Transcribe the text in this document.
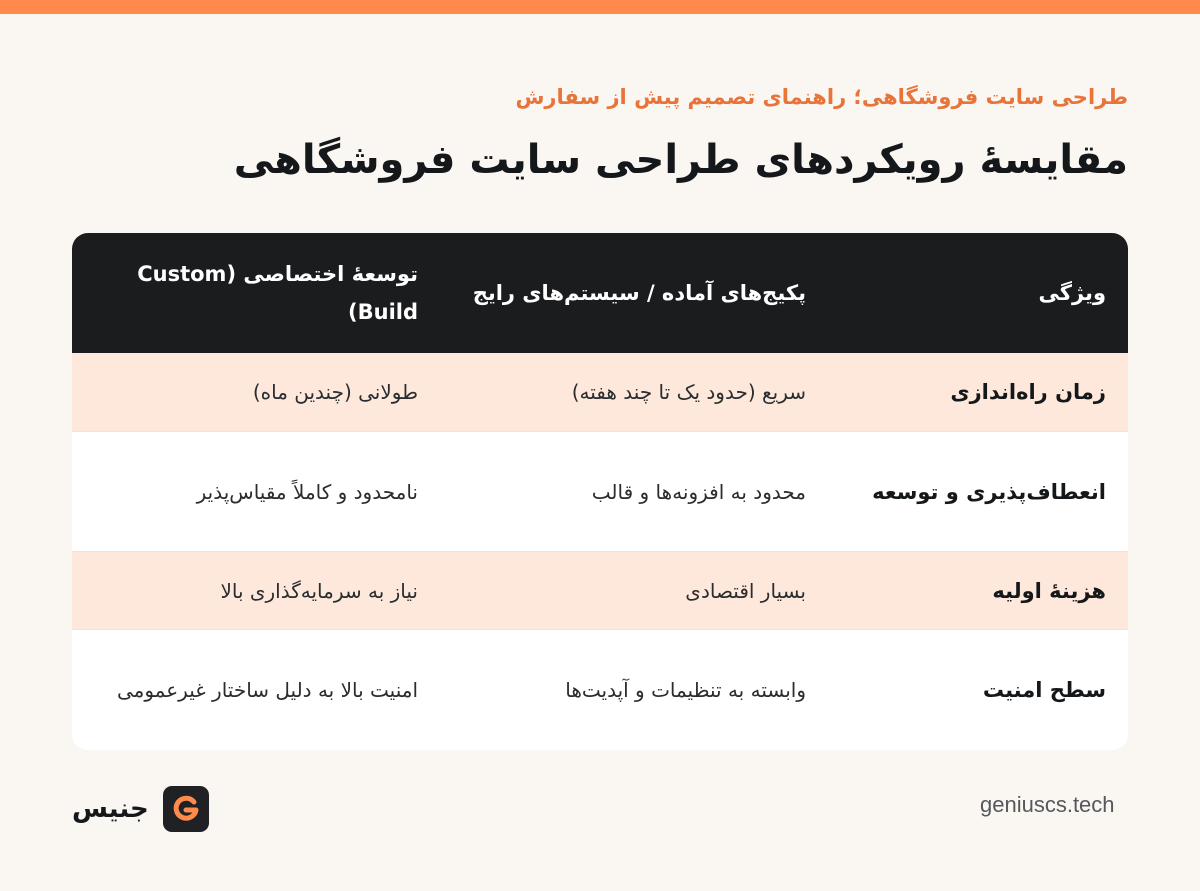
طراحی سایت فروشگاهی؛ راهنمای تصمیم پیش از سفارش
مقایسهٔ رویکردهای طراحی سایت فروشگاهی
ویژگی
پکیج‌های آماده / سیستم‌های رایج
توسعهٔ اختصاصی (Custom Build)
زمان راه‌اندازی
سریع (حدود یک تا چند هفته)
طولانی (چندین ماه)
انعطاف‌پذیری و توسعه
محدود به افزونه‌ها و قالب
نامحدود و کاملاً مقیاس‌پذیر
هزینهٔ اولیه
بسیار اقتصادی
نیاز به سرمایه‌گذاری بالا
سطح امنیت
وابسته به تنظیمات و آپدیت‌ها
امنیت بالا به دلیل ساختار غیرعمومی
جنیس	geniuscs.tech
